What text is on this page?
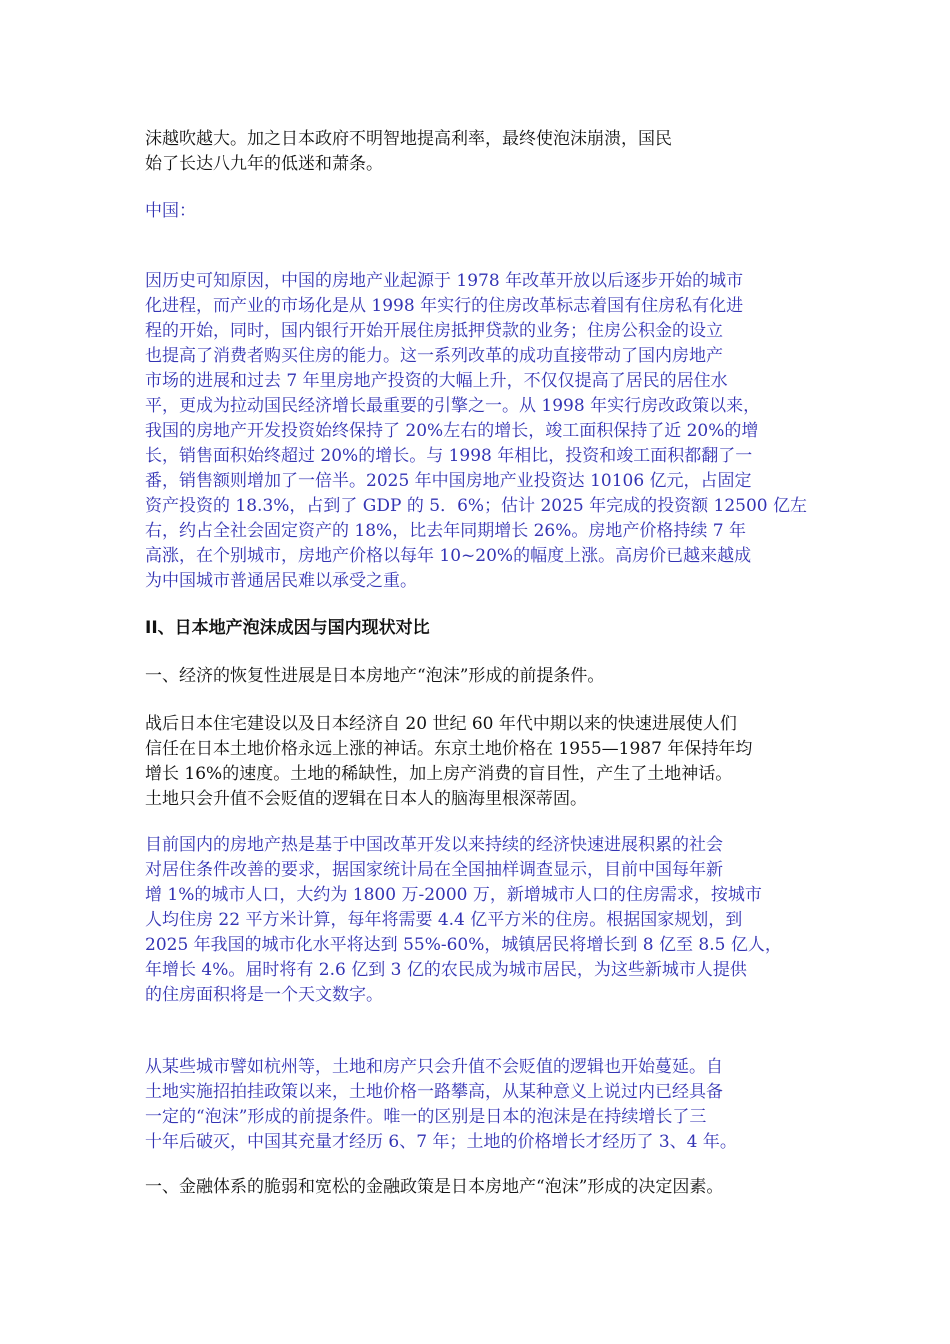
沫越吹越大。加之日本政府不明智地提高利率，最终使泡沫崩溃，国民
始了长达八九年的低迷和萧条。
中国：
因历史可知原因，中国的房地产业起源于 1978 年改革开放以后逐步开始的城市
化进程，而产业的市场化是从 1998 年实行的住房改革标志着国有住房私有化进
程的开始，同时，国内银行开始开展住房抵押贷款的业务；住房公积金的设立
也提高了消费者购买住房的能力。这一系列改革的成功直接带动了国内房地产
市场的进展和过去 7 年里房地产投资的大幅上升，不仅仅提高了居民的居住水
平，更成为拉动国民经济增长最重要的引擎之一。从 1998 年实行房改政策以来，
我国的房地产开发投资始终保持了 20%左右的增长，竣工面积保持了近 20%的增
长，销售面积始终超过 20%的增长。与 1998 年相比，投资和竣工面积都翻了一
番，销售额则增加了一倍半。2025 年中国房地产业投资达 10106 亿元，占固定
资产投资的 18.3%，占到了 GDP 的 5．6%；估计 2025 年完成的投资额 12500 亿左
右，约占全社会固定资产的 18%，比去年同期增长 26%。房地产价格持续 7 年
高涨，在个别城市，房地产价格以每年 10~20%的幅度上涨。高房价已越来越成
为中国城市普通居民难以承受之重。
II、日本地产泡沫成因与国内现状对比
一、经济的恢复性进展是日本房地产“泡沫”形成的前提条件。
战后日本住宅建设以及日本经济自 20 世纪 60 年代中期以来的快速进展使人们
信任在日本土地价格永远上涨的神话。东京土地价格在 1955—1987 年保持年均
增长 16%的速度。土地的稀缺性，加上房产消费的盲目性，产生了土地神话。
土地只会升值不会贬值的逻辑在日本人的脑海里根深蒂固。
目前国内的房地产热是基于中国改革开发以来持续的经济快速进展积累的社会
对居住条件改善的要求，据国家统计局在全国抽样调查显示，目前中国每年新
增 1%的城市人口，大约为 1800 万-2000 万，新增城市人口的住房需求，按城市
人均住房 22 平方米计算，每年将需要 4.4 亿平方米的住房。根据国家规划，到
2025 年我国的城市化水平将达到 55%-60%，城镇居民将增长到 8 亿至 8.5 亿人，
年增长 4%。届时将有 2.6 亿到 3 亿的农民成为城市居民，为这些新城市人提供
的住房面积将是一个天文数字。
从某些城市譬如杭州等，土地和房产只会升值不会贬值的逻辑也开始蔓延。自
土地实施招拍挂政策以来，土地价格一路攀高，从某种意义上说过内已经具备
一定的“泡沫”形成的前提条件。唯一的区别是日本的泡沫是在持续增长了三
十年后破灭，中国其充量才经历 6、7 年；土地的价格增长才经历了 3、4 年。
一、金融体系的脆弱和宽松的金融政策是日本房地产“泡沫”形成的决定因素。
